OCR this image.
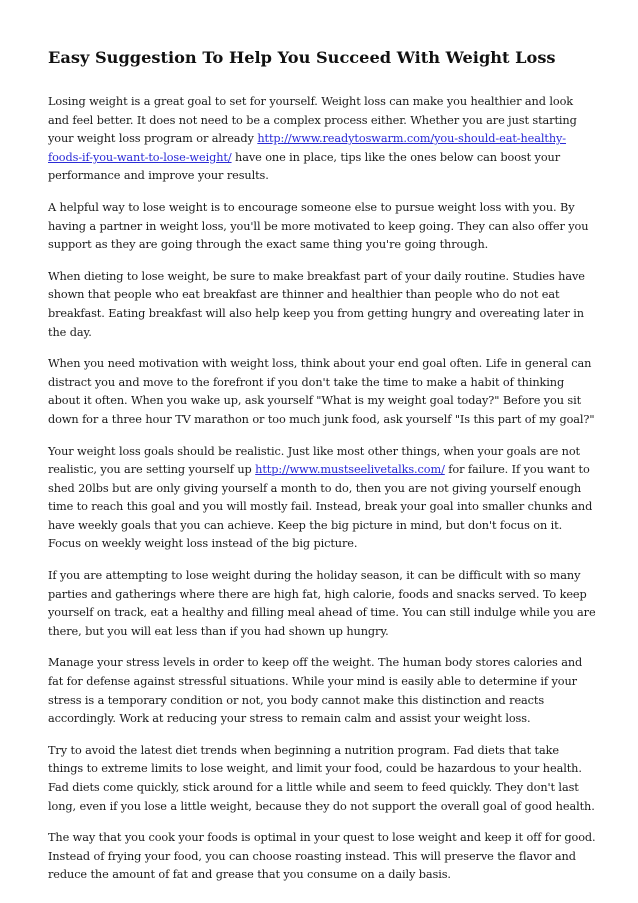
Easy Suggestion To Help You Succeed With Weight Loss

Losing weight is a great goal to set for yourself. Weight loss can make you healthier and look and feel better. It does not need to be a complex process either. Whether you are just starting your weight loss program or already http://www.readytoswarm.com/you-should-eat-healthy-foods-if-you-want-to-lose-weight/ have one in place, tips like the ones below can boost your performance and improve your results.

A helpful way to lose weight is to encourage someone else to pursue weight loss with you. By having a partner in weight loss, you'll be more motivated to keep going. They can also offer you support as they are going through the exact same thing you're going through.

When dieting to lose weight, be sure to make breakfast part of your daily routine. Studies have shown that people who eat breakfast are thinner and healthier than people who do not eat breakfast. Eating breakfast will also help keep you from getting hungry and overeating later in the day.

When you need motivation with weight loss, think about your end goal often. Life in general can distract you and move to the forefront if you don't take the time to make a habit of thinking about it often. When you wake up, ask yourself "What is my weight goal today?" Before you sit down for a three hour TV marathon or too much junk food, ask yourself "Is this part of my goal?"

Your weight loss goals should be realistic. Just like most other things, when your goals are not realistic, you are setting yourself up http://www.mustseelivetalks.com/ for failure. If you want to shed 20lbs but are only giving yourself a month to do, then you are not giving yourself enough time to reach this goal and you will mostly fail. Instead, break your goal into smaller chunks and have weekly goals that you can achieve. Keep the big picture in mind, but don't focus on it. Focus on weekly weight loss instead of the big picture.

If you are attempting to lose weight during the holiday season, it can be difficult with so many parties and gatherings where there are high fat, high calorie, foods and snacks served. To keep yourself on track, eat a healthy and filling meal ahead of time. You can still indulge while you are there, but you will eat less than if you had shown up hungry.

Manage your stress levels in order to keep off the weight. The human body stores calories and fat for defense against stressful situations. While your mind is easily able to determine if your stress is a temporary condition or not, you body cannot make this distinction and reacts accordingly. Work at reducing your stress to remain calm and assist your weight loss.

Try to avoid the latest diet trends when beginning a nutrition program. Fad diets that take things to extreme limits to lose weight, and limit your food, could be hazardous to your health. Fad diets come quickly, stick around for a little while and seem to feed quickly. They don't last long, even if you lose a little weight, because they do not support the overall goal of good health.

The way that you cook your foods is optimal in your quest to lose weight and keep it off for good. Instead of frying your food, you can choose roasting instead. This will preserve the flavor and reduce the amount of fat and grease that you consume on a daily basis.
